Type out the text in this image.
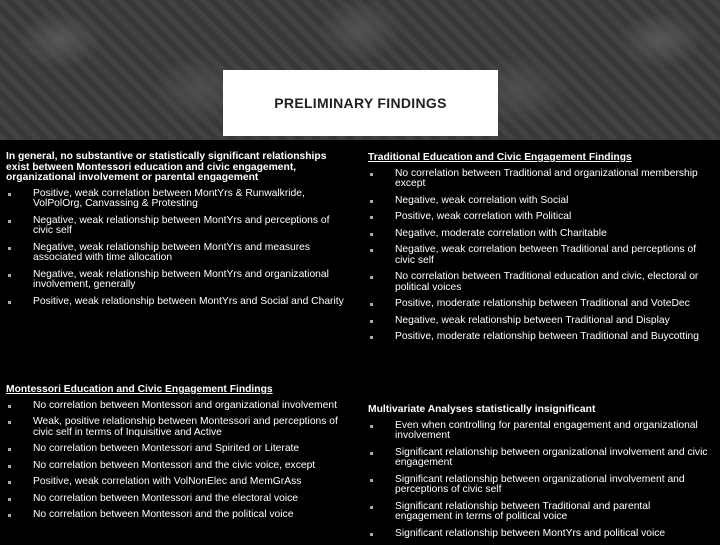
PRELIMINARY FINDINGS
In general, no substantive or statistically significant relationships exist between Montessori education and civic engagement, organizational involvement or parental engagement
Positive, weak correlation between MontYrs & Runwalkride, VolPolOrg, Canvassing & Protesting
Negative, weak relationship between MontYrs and perceptions of civic self
Negative, weak relationship between MontYrs and measures associated with time allocation
Negative, weak relationship between MontYrs and organizational involvement, generally
Positive, weak relationship between MontYrs and Social and Charity
Traditional Education and Civic Engagement Findings
No correlation between Traditional and organizational membership except
Negative, weak correlation with Social
Positive, weak correlation with Political
Negative, moderate correlation with Charitable
Negative, weak correlation between Traditional and perceptions of civic self
No correlation between Traditional education and civic, electoral or political voices
Positive, moderate relationship between Traditional and VoteDec
Negative, weak relationship between Traditional and Display
Positive, moderate relationship between Traditional and Buycotting
Montessori Education and Civic Engagement Findings
No correlation between Montessori and organizational involvement
Weak, positive relationship between Montessori and perceptions of civic self in terms of Inquisitive and Active
No correlation between Montessori and Spirited or Literate
No correlation between Montessori and the civic voice, except
Positive, weak correlation with VolNonElec and MemGrAss
No correlation between Montessori and the electoral voice
No correlation between Montessori and the political voice
Multivariate Analyses statistically insignificant
Even when controlling for parental engagement and organizational involvement
Significant relationship between organizational involvement and civic engagement
Significant relationship between organizational involvement and perceptions of civic self
Significant relationship between Traditional and parental engagement in terms of political voice
Significant relationship between MontYrs and political voice
